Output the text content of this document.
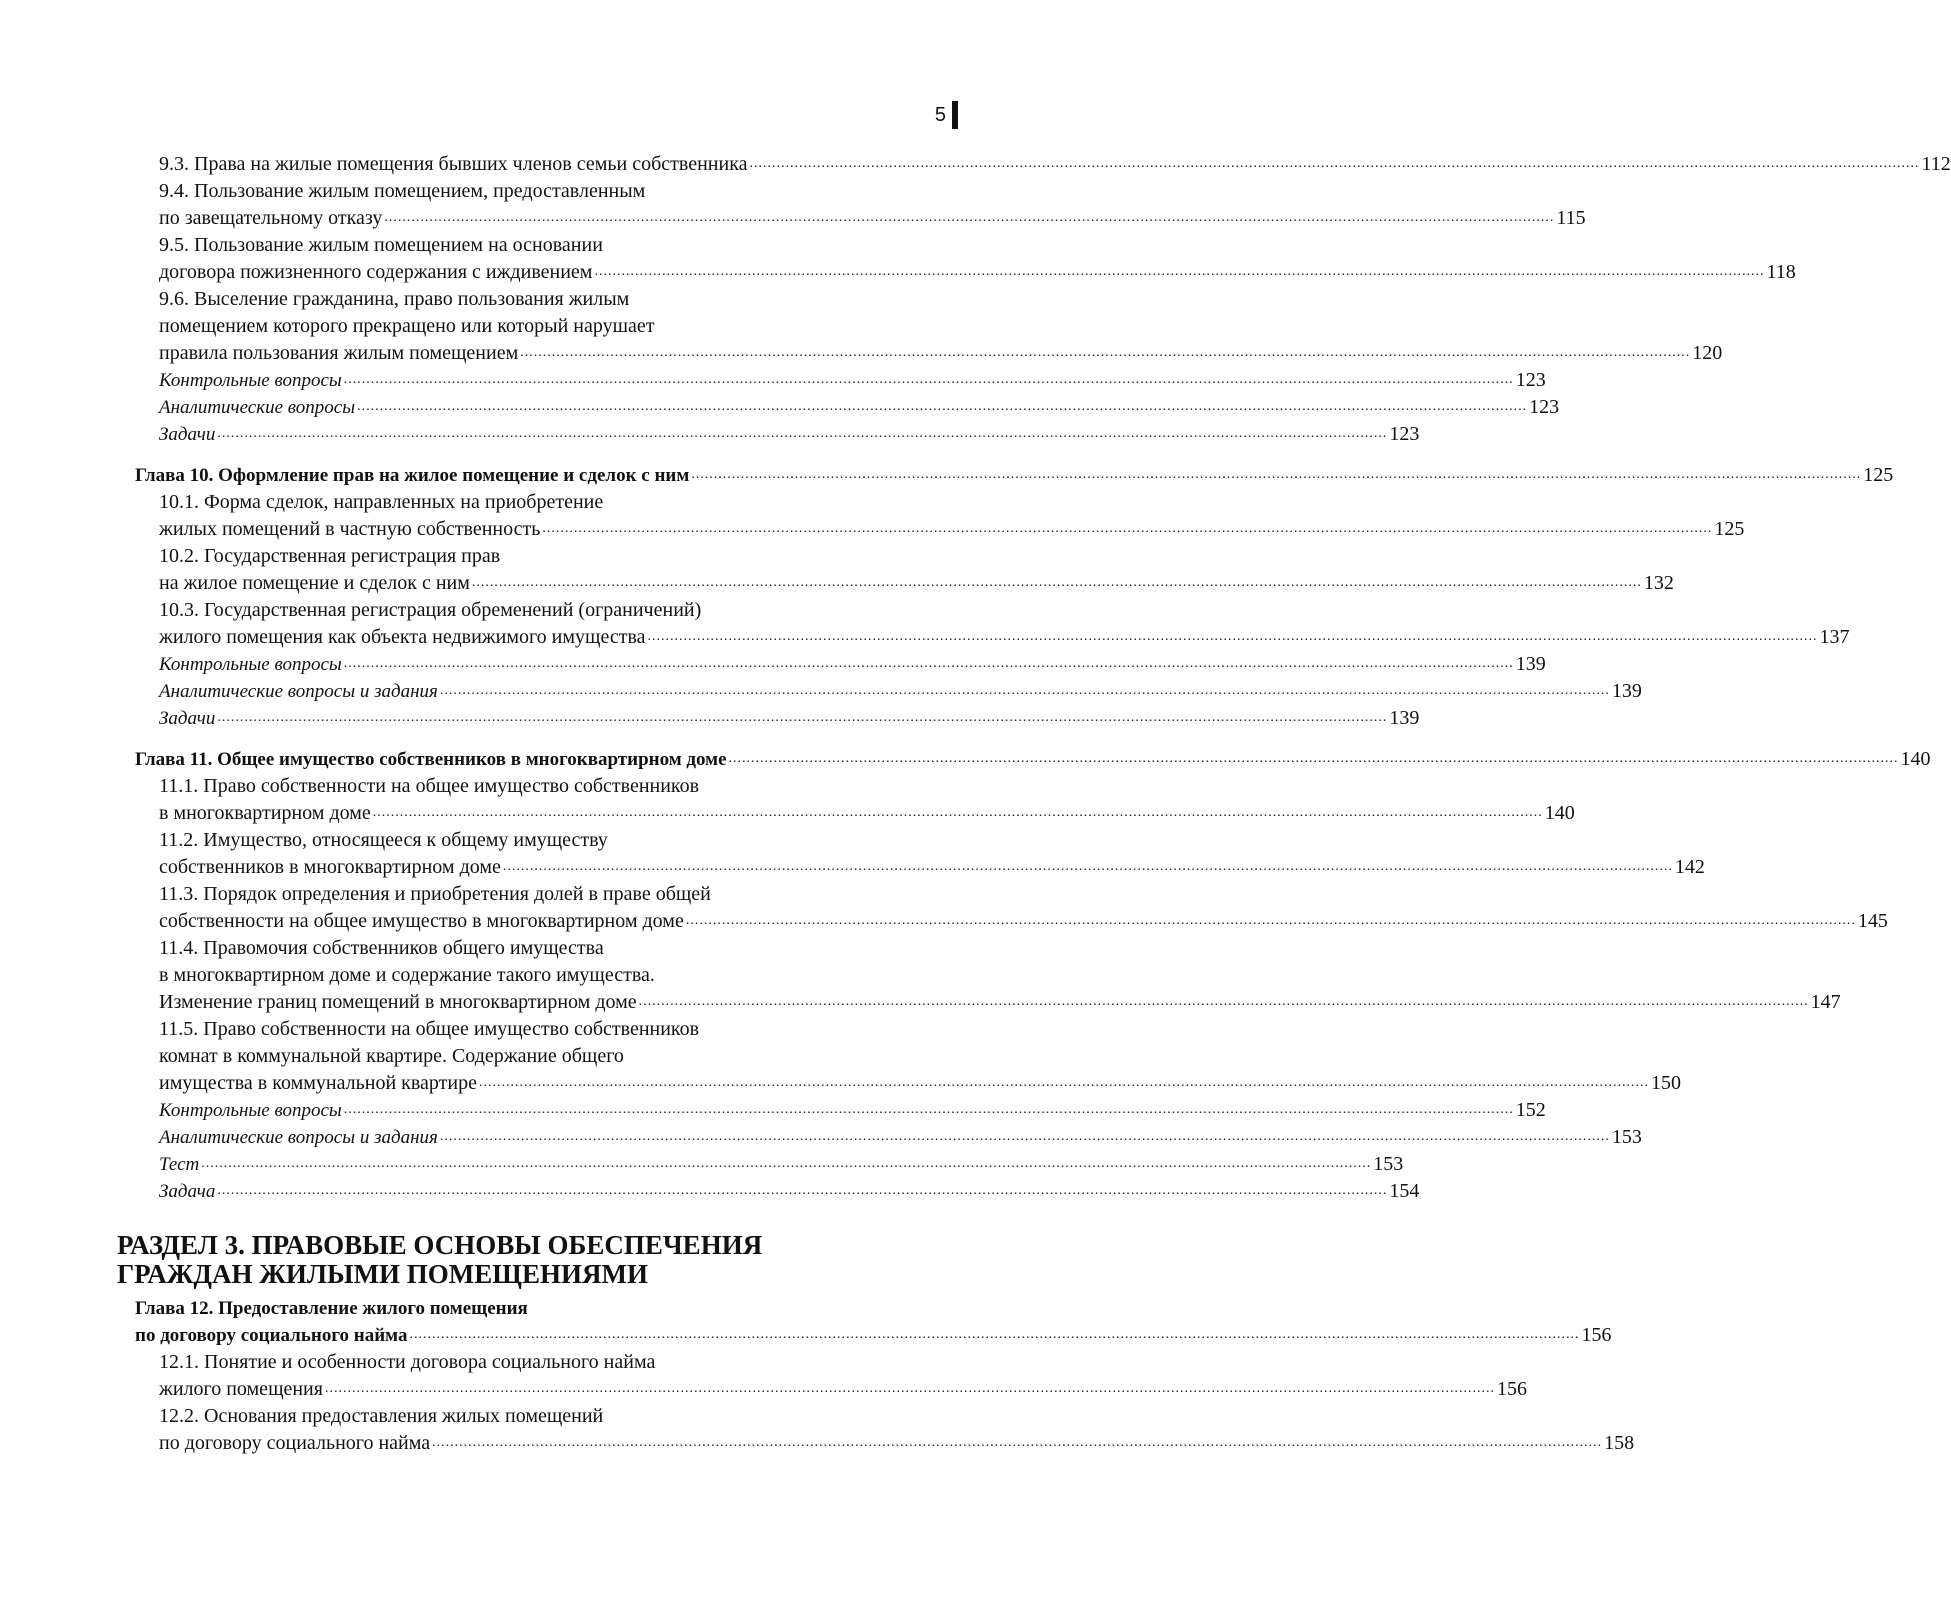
5
9.3. Права на жилые помещения бывших членов семьи собственника .................................................................................................................................................................................................................................................................... 112
9.4. Пользование жилым помещением, предоставленным
по завещательному отказу .................................................................................................................................................................................................................................................................... 115
9.5. Пользование жилым помещением на основании
договора пожизненного содержания с иждивением .................................................................................................................................................................................................................................................................... 118
9.6. Выселение гражданина, право пользования жилым
помещением которого прекращено или который нарушает
правила пользования жилым помещением .................................................................................................................................................................................................................................................................... 120
Контрольные вопросы .................................................................................................................................................................................................................................................................... 123
Аналитические вопросы .................................................................................................................................................................................................................................................................... 123
Задачи .................................................................................................................................................................................................................................................................... 123
Глава 10. Оформление прав на жилое помещение и сделок с ним .................................................................................................................................................................................................................................................................... 125
10.1. Форма сделок, направленных на приобретение
жилых помещений в частную собственность .................................................................................................................................................................................................................................................................... 125
10.2. Государственная регистрация прав
на жилое помещение и сделок с ним .................................................................................................................................................................................................................................................................... 132
10.3. Государственная регистрация обременений (ограничений)
жилого помещения как объекта недвижимого имущества .................................................................................................................................................................................................................................................................... 137
Контрольные вопросы .................................................................................................................................................................................................................................................................... 139
Аналитические вопросы и задания .................................................................................................................................................................................................................................................................... 139
Задачи .................................................................................................................................................................................................................................................................... 139
Глава 11. Общее имущество собственников в многоквартирном доме .................................................................................................................................................................................................................................................................... 140
11.1. Право собственности на общее имущество собственников
в многоквартирном доме .................................................................................................................................................................................................................................................................... 140
11.2. Имущество, относящееся к общему имуществу
собственников в многоквартирном доме .................................................................................................................................................................................................................................................................... 142
11.3. Порядок определения и приобретения долей в праве общей
собственности на общее имущество в многоквартирном доме .................................................................................................................................................................................................................................................................... 145
11.4. Правомочия собственников общего имущества
в многоквартирном доме и содержание такого имущества.
Изменение границ помещений в многоквартирном доме .................................................................................................................................................................................................................................................................... 147
11.5. Право собственности на общее имущество собственников
комнат в коммунальной квартире. Содержание общего
имущества в коммунальной квартире .................................................................................................................................................................................................................................................................... 150
Контрольные вопросы .................................................................................................................................................................................................................................................................... 152
Аналитические вопросы и задания .................................................................................................................................................................................................................................................................... 153
Тест .................................................................................................................................................................................................................................................................... 153
Задача .................................................................................................................................................................................................................................................................... 154
РАЗДЕЛ 3. ПРАВОВЫЕ ОСНОВЫ ОБЕСПЕЧЕНИЯ
ГРАЖДАН ЖИЛЫМИ ПОМЕЩЕНИЯМИ
Глава 12. Предоставление жилого помещения
по договору социального найма .................................................................................................................................................................................................................................................................... 156
12.1. Понятие и особенности договора социального найма
жилого помещения .................................................................................................................................................................................................................................................................... 156
12.2. Основания предоставления жилых помещений
по договору социального найма .................................................................................................................................................................................................................................................................... 158
